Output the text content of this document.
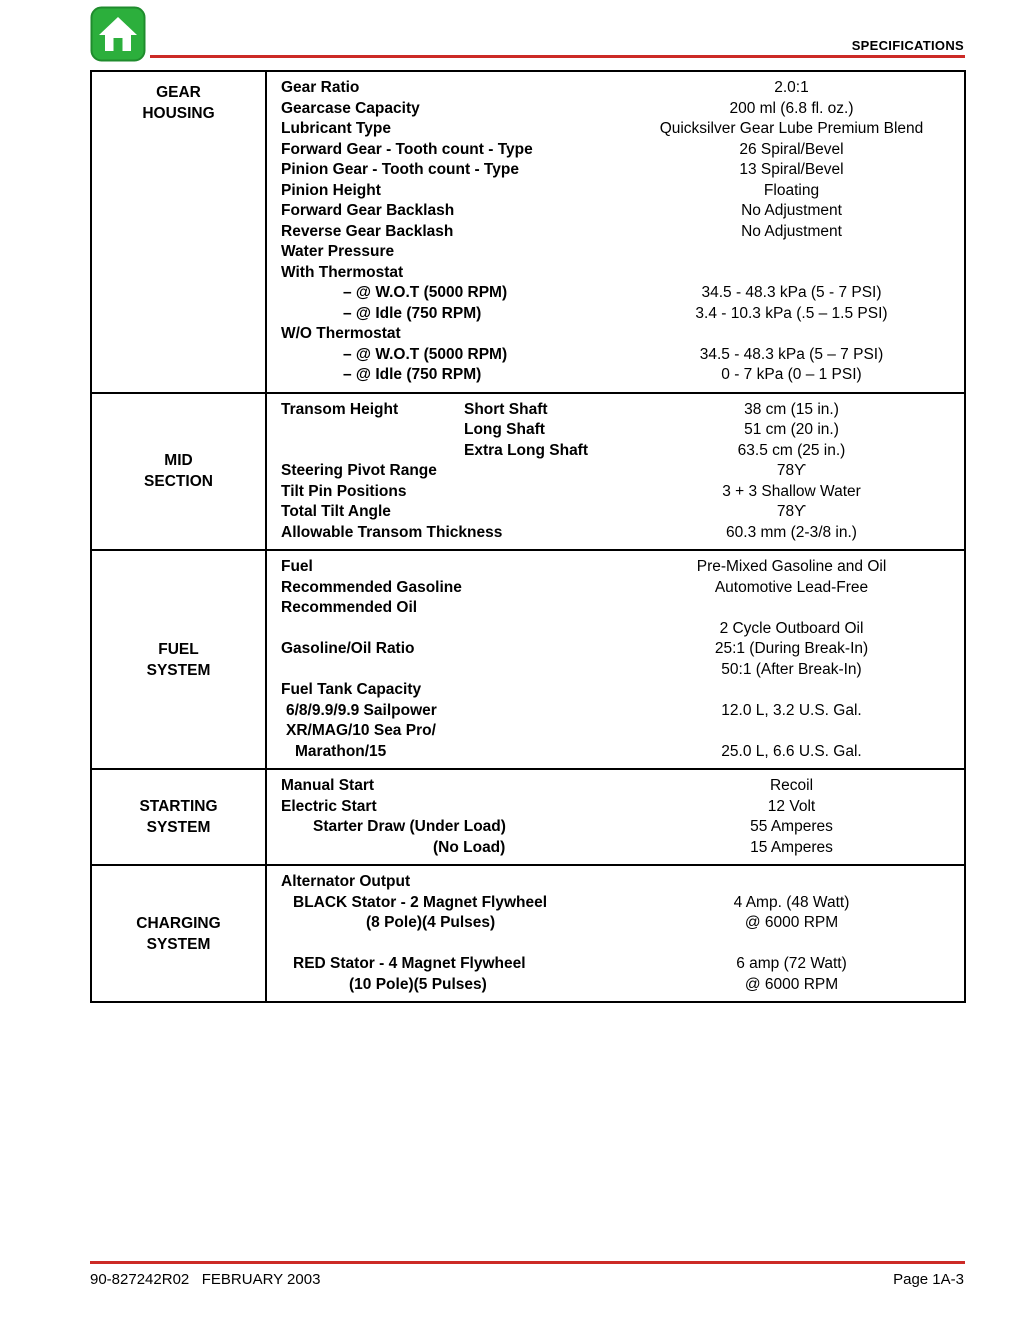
SPECIFICATIONS
GEAR
HOUSING
Gear Ratio	2.0:1
Gearcase Capacity	200 ml (6.8 fl. oz.)
Lubricant Type	Quicksilver Gear Lube Premium Blend
Forward Gear - Tooth count - Type	26 Spiral/Bevel
Pinion Gear - Tooth count - Type	13 Spiral/Bevel
Pinion Height	Floating
Forward Gear Backlash	No Adjustment
Reverse Gear Backlash	No Adjustment
Water Pressure
With Thermostat
– @ W.O.T (5000 RPM)	34.5 - 48.3 kPa (5 - 7 PSI)
– @ Idle (750 RPM)	3.4 - 10.3 kPa (.5 – 1.5 PSI)
W/O Thermostat
– @ W.O.T (5000 RPM)	34.5 - 48.3 kPa (5 – 7 PSI)
– @ Idle (750 RPM)	0 - 7 kPa (0 – 1 PSI)
MID
SECTION
Transom Height	Short Shaft	38 cm (15 in.)

Long Shaft	51 cm (20 in.)

Extra Long Shaft	63.5 cm (25 in.)
Steering Pivot Range	78ϒ
Tilt Pin Positions	3 + 3 Shallow Water
Total Tilt Angle	78ϒ
Allowable Transom Thickness	60.3 mm (2-3/8 in.)
FUEL
SYSTEM
Fuel	Pre-Mixed Gasoline and Oil
Recommended Gasoline	Automotive Lead-Free
Recommended Oil

2 Cycle Outboard Oil
Gasoline/Oil Ratio	25:1 (During Break-In)

50:1 (After Break-In)
Fuel Tank Capacity
6/8/9.9/9.9 Sailpower	12.0 L, 3.2 U.S. Gal.
XR/MAG/10 Sea Pro/
Marathon/15	25.0 L, 6.6 U.S. Gal.
STARTING
SYSTEM
Manual Start	Recoil
Electric Start	12 Volt
Starter Draw (Under Load)	55 Amperes
(No Load)	15 Amperes
CHARGING
SYSTEM
Alternator Output
BLACK Stator - 2 Magnet Flywheel	4 Amp. (48 Watt)
(8 Pole)(4 Pulses)	@ 6000 RPM

RED Stator - 4 Magnet Flywheel	6 amp (72 Watt)
(10 Pole)(5 Pulses)	@ 6000 RPM
90-827242R02   FEBRUARY 2003	Page 1A-3
